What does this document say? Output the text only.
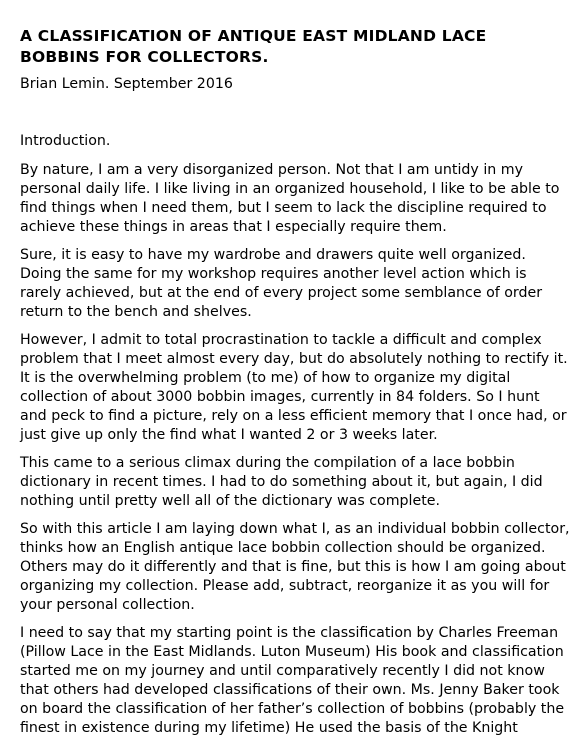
A CLASSIFICATION OF ANTIQUE EAST MIDLAND LACE BOBBINS FOR COLLECTORS.

Brian Lemin. September 2016

Introduction.

By nature, I am a very disorganized person. Not that I am untidy in my personal daily life. I like living in an organized household, I like to be able to find things when I need them, but I seem to lack the discipline required to achieve these things in areas that I especially require them.

Sure, it is easy to have my wardrobe and drawers quite well organized. Doing the same for my workshop requires another level action which is rarely achieved, but at the end of every project some semblance of order return to the bench and shelves.

However, I admit to total procrastination to tackle a difficult and complex problem that I meet almost every day, but do absolutely nothing to rectify it. It is the overwhelming problem (to me) of how to organize my digital collection of about 3000 bobbin images, currently in 84 folders. So I hunt and peck to find a picture, rely on a less efficient memory that I once had, or just give up only the find what I wanted 2 or 3 weeks later.

This came to a serious climax during the compilation of a lace bobbin dictionary in recent times. I had to do something about it, but again, I did nothing until pretty well all of the dictionary was complete.

So with this article I am laying down what I, as an individual bobbin collector, thinks how an English antique lace bobbin collection should be organized. Others may do it differently and that is fine, but this is how I am going about organizing my collection. Please add, subtract, reorganize it as you will for your personal collection.

I need to say that my starting point is the classification by Charles Freeman (Pillow Lace in the East Midlands. Luton Museum) His book and classification started me on my journey and until comparatively recently I did not know that others had developed classifications of their own. Ms. Jenny Baker took on board the classification of her father’s collection of bobbins (probably the finest in existence during my lifetime) He used the basis of the Knight
